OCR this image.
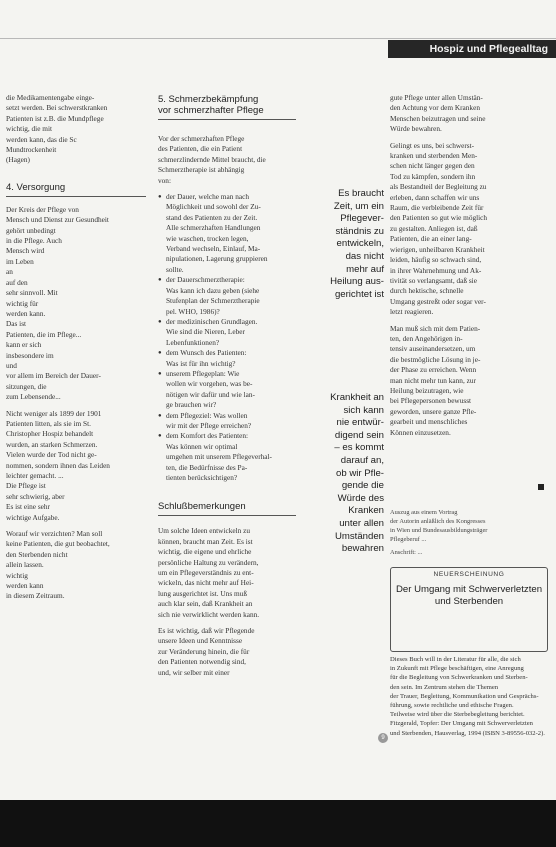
Hospiz und Pflegealltag

die Medikamentengabe einge-
setzt werden. Bei schwerstkranken
Patienten ist z.B. die Mundpflege
wichtig, die mit
werden kann, das die Sc
Mundtrockenheit
(Hagen)

4. Versorgung

Der Kreis der Pflege von
Mensch und Dienst zur Gesundheit
gehört unbedingt
in die Pflege. Auch
Mensch wird
im Leben
an
auf den
sehr sinnvoll. Mit
wichtig für
werden kann.
Das ist
Patienten, die im Pflege...
kann er sich
insbesondere im
und
vor allem im Bereich der Dauer-
sitzungen, die
zum Lebensende...

Nicht weniger als 1899 der 1901
Patienten litten, als sie im St.
Christopher Hospiz behandelt
wurden, an starken Schmerzen.
Vielen wurde der Tod nicht ge-
nommen, sondern ihnen das Leiden
leichter gemacht. ...
Die Pflege ist
sehr schwierig, aber
Es ist eine sehr
wichtige Aufgabe.

Worauf wir verzichten? Man soll
keine Patienten, die gut beobachtet,
den Sterbenden nicht
allein lassen.
wichtig
werden kann
in diesem Zeitraum.

5. Schmerzbekämpfung
vor schmerzhafter Pflege

Vor der schmerzhaften Pflege
des Patienten, die ein Patient
schmerzlindernde Mittel braucht, die
Schmerztherapie ist abhängig
von:

● der Dauer, welche man nach
Möglichkeit und sowohl der Zu-
stand des Patienten zu der Zeit.
Alle schmerzhaften Handlungen
wie waschen, trocken legen,
Verband wechseln, Einlauf, Ma-
nipulationen, Lagerung gruppieren
sollte.
● der Dauerschmerztherapie:
Was kann ich dazu geben (siehe
Stufenplan der Schmerztherapie
pel. WHO, 1986)?
● der medizinischen Grundlagen.
Wie sind die Nieren, Leber
Lebenfunktionen?
● dem Wunsch des Patienten:
Was ist für ihn wichtig?
● unserem Pflegeplan: Wie
wollen wir vorgehen, was be-
nötigen wir dafür und wie lan-
ge brauchen wir?
● dem Pflegeziel: Was wollen
wir mit der Pflege erreichen?
● dem Komfort des Patienten:
Was können wir optimal
umgehen mit unserem Pflegeverhal-
ten, die Bedürfnisse des Pa-
tienten berücksichtigen?
Schlußbemerkungen

Um solche Ideen entwickeln zu
können, braucht man Zeit. Es ist
wichtig, die eigene und ehrliche
persönliche Haltung zu verändern,
um ein Pflegeverständnis zu ent-
wickeln, das nicht mehr auf Hei-
lung ausgerichtet ist. Uns muß
auch klar sein, daß Krankheit an
sich nie verwirklicht werden kann.

Es ist wichtig, daß wir Pflegende
unsere Ideen und Kenntnisse
zur Veränderung hinein, die für
den Patienten notwendig sind,
und, wir selber mit einer

Es braucht
Zeit, um ein
Pflegever-
ständnis zu
entwickeln,
das nicht
mehr auf
Heilung aus-
gerichtet ist
Krankheit an
sich kann
nie entwür-
digend sein
– es kommt
darauf an,
ob wir Pfle-
gende die
Würde des
Kranken
unter allen
Umständen
bewahren

gute Pflege unter allen Umstän-
den Achtung vor dem Kranken
Menschen beizutragen und seine
Würde bewahren.

Gelingt es uns, bei schwerst-
kranken und sterbenden Men-
schen nicht länger gegen den
Tod zu kämpfen, sondern ihn
als Bestandteil der Begleitung zu
erleben, dann schaffen wir uns
Raum, die verbleibende Zeit für
den Patienten so gut wie möglich
zu gestalten. Anliegen ist, daß
Patienten, die an einer lang-
wierigen, unheilbaren Krankheit
leiden, häufig so schwach sind,
in ihrer Wahrnehmung und Ak-
tivität so verlangsamt, daß sie
durch hektische, schnelle
Umgang gestreßt oder sogar ver-
letzt reagieren.

Man muß sich mit dem Patien-
ten, den Angehörigen in-
tensiv auseinandersetzen, um
die bestmögliche Lösung in je-
der Phase zu erreichen. Wenn
man nicht mehr tun kann, zur
Heilung beizutragen, wie
bei Pflegepersonen bewusst
geworden, unsere ganze Pfle-
gearbeit und menschliches
Können einzusetzen.

Auszug aus einem Vortrag
der Autorin anläßlich des Kongresses
in Wien und Bundesausbildungsträger
Pflegeberuf ...
Anschrift: ...
NEUERSCHEINUNG
Der Umgang mit Schwerverletzten
und Sterbenden
Dieses Buch will in der Literatur für alle, die sich
in Zukunft mit Pflege beschäftigen, eine Anregung
für die Begleitung von Schwerkranken und Sterben-
den sein. Im Zentrum stehen die Themen
der Trauer, Begleitung, Kommunikation und Gesprächs-
führung, sowie rechtliche und ethische Fragen.
Teilweise wird über die Sterbebegleitung berichtet.
Fitzgerald, Topfer: Der Umgang mit Schwerverletzten
und Sterbenden, Hausverlag, 1994 (ISBN 3-89556-032-2).
9
